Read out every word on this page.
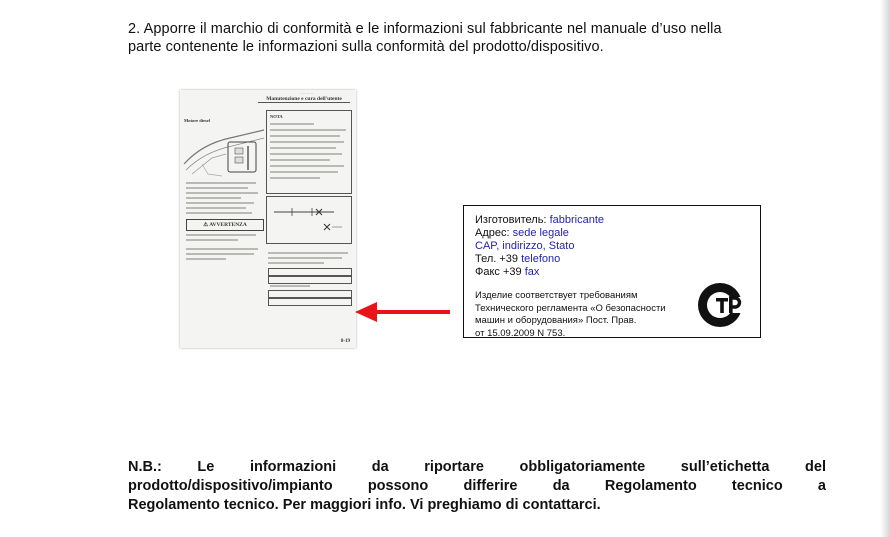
2. Apporre il marchio di conformità e le informazioni sul fabbricante nel manuale d’uso nella
parte contenente le informazioni sulla conformità del prodotto/dispositivo.
··········
Manutenzione e cura dell'utente
Motore diesel
NOTA
⚠ AVVERTENZA
8-19
Изготовитель: fabbricante
Адрес: sede legale
CAP, indirizzo, Stato
Тел. +39 telefono
Факс +39 fax
Изделие соответствует требованиям
Технического регламента «О безопасности
машин и оборудования» Пост. Прав.
от 15.09.2009 N 753.
N.B.: Le informazioni da riportare obbligatoriamente sull’etichetta del
prodotto/dispositivo/impianto possono differire da Regolamento tecnico a
Regolamento tecnico. Per maggiori info. Vi preghiamo di contattarci.
